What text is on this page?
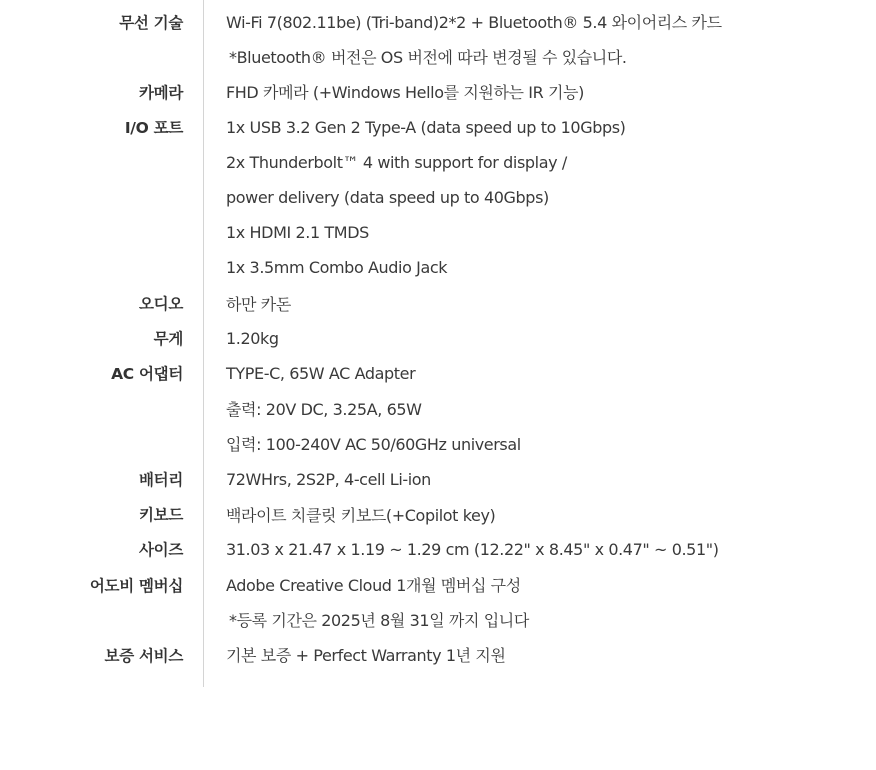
무선 기술	Wi-Fi 7(802.11be) (Tri-band)2*2 + Bluetooth® 5.4 와이어리스 카드
*Bluetooth® 버전은 OS 버전에 따라 변경될 수 있습니다.
카메라	FHD 카메라 (+Windows Hello를 지원하는 IR 기능)
I/O 포트	1x USB 3.2 Gen 2 Type-A (data speed up to 10Gbps)
2x Thunderbolt™ 4 with support for display /
power delivery (data speed up to 40Gbps)
1x HDMI 2.1 TMDS
1x 3.5mm Combo Audio Jack
오디오	하만 카돈
무게	1.20kg
AC 어댑터	TYPE-C, 65W AC Adapter
출력: 20V DC, 3.25A, 65W
입력: 100-240V AC 50/60GHz universal
배터리	72WHrs, 2S2P, 4-cell Li-ion
키보드	백라이트 치클릿 키보드(+Copilot key)
사이즈	31.03 x 21.47 x 1.19 ~ 1.29 cm (12.22" x 8.45" x 0.47" ~ 0.51")
어도비 멤버십	Adobe Creative Cloud 1개월 멤버십 구성
*등록 기간은 2025년 8월 31일 까지 입니다
보증 서비스	기본 보증 + Perfect Warranty 1년 지원
